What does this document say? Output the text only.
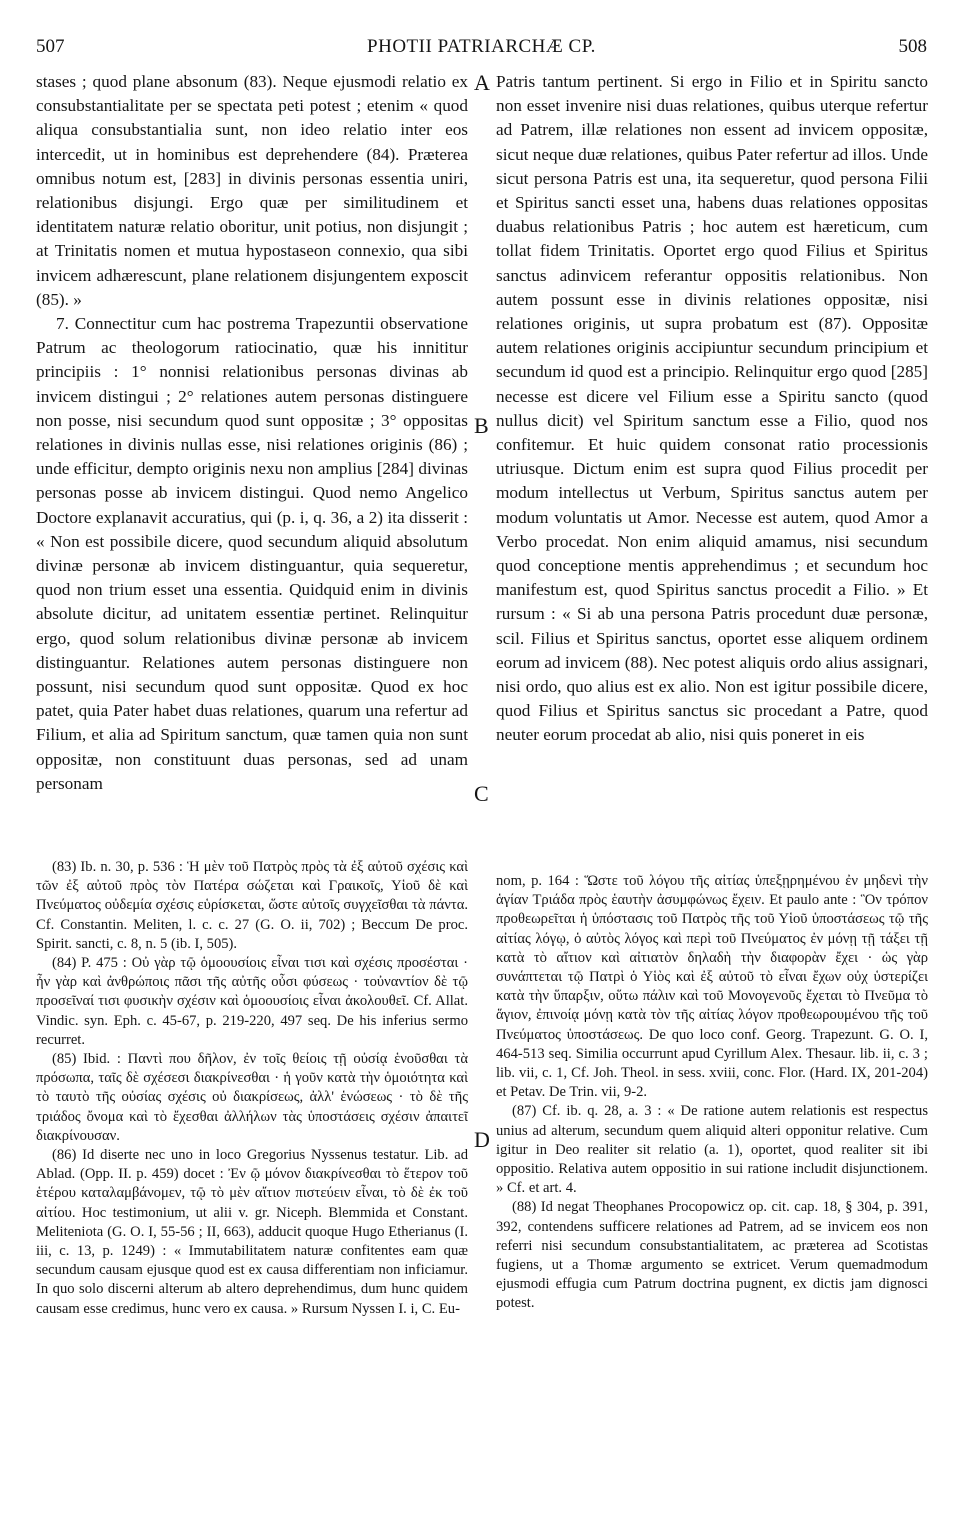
507	PHOTII PATRIARCHÆ CP.	508

stases ; quod plane absonum (83). Neque ejusmodi relatio ex consubstantialitate per se spectata peti potest ; etenim « quod aliqua consubstantialia sunt, non ideo relatio inter eos intercedit, ut in hominibus est deprehendere (84). Præterea omnibus notum est, [283] in divinis personas essentia uniri, relationibus disjungi. Ergo quæ per similitudinem et identitatem naturæ relatio oboritur, unit potius, non disjungit ; at Trinitatis nomen et mutua hypostaseon connexio, qua sibi invicem adhærescunt, plane relationem disjungentem exposcit (85). »

7. Connectitur cum hac postrema Trapezuntii observatione Patrum ac theologorum ratiocinatio, quæ his innititur principiis : 1° nonnisi relationibus personas divinas ab invicem distingui ; 2° relationes autem personas distinguere non posse, nisi secundum quod sunt oppositæ ; 3° oppositas relationes in divinis nullas esse, nisi relationes originis (86) ; unde efficitur, dempto originis nexu non amplius [284] divinas personas posse ab invicem distingui. Quod nemo Angelico Doctore explanavit accuratius, qui (p. i, q. 36, a 2) ita disserit : « Non est possibile dicere, quod secundum aliquid absolutum divinæ personæ ab invicem distinguantur, quia sequeretur, quod non trium esset una essentia. Quidquid enim in divinis absolute dicitur, ad unitatem essentiæ pertinet. Relinquitur ergo, quod solum relationibus divinæ personæ ab invicem distinguantur. Relationes autem personas distinguere non possunt, nisi secundum quod sunt oppositæ. Quod ex hoc patet, quia Pater habet duas relationes, quarum una refertur ad Filium, et alia ad Spiritum sanctum, quæ tamen quia non sunt oppositæ, non constituunt duas personas, sed ad unam personam

Patris tantum pertinent. Si ergo in Filio et in Spiritu sancto non esset invenire nisi duas relationes, quibus uterque refertur ad Patrem, illæ relationes non essent ad invicem oppositæ, sicut neque duæ relationes, quibus Pater refertur ad illos. Unde sicut persona Patris est una, ita sequeretur, quod persona Filii et Spiritus sancti esset una, habens duas relationes oppositas duabus relationibus Patris ; hoc autem est hæreticum, cum tollat fidem Trinitatis. Oportet ergo quod Filius et Spiritus sanctus adinvicem referantur oppositis relationibus. Non autem possunt esse in divinis relationes oppositæ, nisi relationes originis, ut supra probatum est (87). Oppositæ autem relationes originis accipiuntur secundum principium et secundum id quod est a principio. Relinquitur ergo quod [285] necesse est dicere vel Filium esse a Spiritu sancto (quod nullus dicit) vel Spiritum sanctum esse a Filio, quod nos confitemur. Et huic quidem consonat ratio processionis utriusque. Dictum enim est supra quod Filius procedit per modum intellectus ut Verbum, Spiritus sanctus autem per modum voluntatis ut Amor. Necesse est autem, quod Amor a Verbo procedat. Non enim aliquid amamus, nisi secundum quod conceptione mentis apprehendimus ; et secundum hoc manifestum est, quod Spiritus sanctus procedit a Filio. » Et rursum : « Si ab una persona Patris procedunt duæ personæ, scil. Filius et Spiritus sanctus, oportet esse aliquem ordinem eorum ad invicem (88). Nec potest aliquis ordo alius assignari, nisi ordo, quo alius est ex alio. Non est igitur possibile dicere, quod Filius et Spiritus sanctus sic procedant a Patre, quod neuter eorum procedat ab alio, nisi quis poneret in eis

A
B
C
D

(83) Ib. n. 30, p. 536 : Ἡ μὲν τοῦ Πατρὸς πρὸς τὰ ἐξ αὐτοῦ σχέσις καὶ τῶν ἐξ αὐτοῦ πρὸς τὸν Πατέρα σώζεται καὶ Γραικοῖς, Υἱοῦ δὲ καὶ Πνεύματος οὐδεμία σχέσις εὑρίσκεται, ὥστε αὐτοῖς συγχεῖσθαι τὰ πάντα. Cf. Constantin. Meliten, l. c. c. 27 (G. O. ii, 702) ; Beccum De proc. Spirit. sancti, c. 8, n. 5 (ib. I, 505).

(84) P. 475 : Οὐ γὰρ τῷ ὁμοουσίοις εἶναι τισι καὶ σχέσις προσέσται · ἦν γὰρ καὶ ἀνθρώποις πᾶσι τῆς αὐτῆς οὖσι φύσεως · τοὐναντίον δὲ τῷ προσεῖναί τισι φυσικὴν σχέσιν καὶ ὁμοουσίοις εἶναι ἀκολουθεῖ. Cf. Allat. Vindic. syn. Eph. c. 45-67, p. 219-220, 497 seq. De his inferius sermo recurret.

(85) Ibid. : Παντὶ που δῆλον, ἐν τοῖς θείοις τῇ οὐσίᾳ ἑνοῦσθαι τὰ πρόσωπα, ταῖς δὲ σχέσεσι διακρίνεσθαι · ἡ γοῦν κατὰ τὴν ὁμοιότητα καὶ τὸ ταυτὸ τῆς οὐσίας σχέσις οὐ διακρίσεως, ἀλλ' ἑνώσεως · τὸ δὲ τῆς τριάδος ὄνομα καὶ τὸ ἔχεσθαι ἀλλήλων τὰς ὑποστάσεις σχέσιν ἀπαιτεῖ διακρίνουσαν.

(86) Id diserte nec uno in loco Gregorius Nyssenus testatur. Lib. ad Ablad. (Opp. II. p. 459) docet : Ἐν ῷ μόνον διακρίνεσθαι τὸ ἕτερον τοῦ ἑτέρου καταλαμβάνομεν, τῷ τὸ μὲν αἴτιον πιστεύειν εἶναι, τὸ δὲ ἐκ τοῦ αἰτίου. Hoc testimonium, ut alii v. gr. Niceph. Blemmida et Constant. Meliteniota (G. O. I, 55-56 ; II, 663), adducit quoque Hugo Etherianus (I. iii, c. 13, p. 1249) : « Immutabilitatem naturæ confitentes eam quæ secundum causam ejusque quod est ex causa differentiam non inficiamur. In quo solo discerni alterum ab altero deprehendimus, dum hunc quidem causam esse credimus, hunc vero ex causa. » Rursum Nyssen I. i, C. Eu-

nom, p. 164 : Ὥστε τοῦ λόγου τῆς αἰτίας ὑπεξῃρημένου ἐν μηδενὶ τὴν ἁγίαν Τριάδα πρὸς ἑαυτὴν ἀσυμφώνως ἔχειν. Et paulo ante : Ὃν τρόπον προθεωρεῖται ἡ ὑπόστασις τοῦ Πατρὸς τῆς τοῦ Υἱοῦ ὑποστάσεως τῷ τῆς αἰτίας λόγῳ, ὁ αὐτὸς λόγος καὶ περὶ τοῦ Πνεύματος ἐν μόνῃ τῇ τάξει τῇ κατὰ τὸ αἴτιον καὶ αἰτιατὸν δηλαδὴ τὴν διαφορὰν ἔχει · ὡς γὰρ συνάπτεται τῷ Πατρὶ ὁ Υἱὸς καὶ ἐξ αὐτοῦ τὸ εἶναι ἔχων οὐχ ὑστερίζει κατὰ τὴν ὕπαρξιν, οὕτω πάλιν καὶ τοῦ Μονογενοῦς ἔχεται τὸ Πνεῦμα τὸ ἅγιον, ἐπινοίᾳ μόνῃ κατὰ τὸν τῆς αἰτίας λόγον προθεωρουμένου τῆς τοῦ Πνεύματος ὑποστάσεως. De quo loco conf. Georg. Trapezunt. G. O. I, 464-513 seq. Similia occurrunt apud Cyrillum Alex. Thesaur. lib. ii, c. 3 ; lib. vii, c. 1, Cf. Joh. Theol. in sess. xviii, conc. Flor. (Hard. IX, 201-204) et Petav. De Trin. vii, 9-2.

(87) Cf. ib. q. 28, a. 3 : « De ratione autem relationis est respectus unius ad alterum, secundum quem aliquid alteri opponitur relative. Cum igitur in Deo realiter sit relatio (a. 1), oportet, quod realiter sit ibi oppositio. Relativa autem oppositio in sui ratione includit disjunctionem. » Cf. et art. 4.

(88) Id negat Theophanes Procopowicz op. cit. cap. 18, § 304, p. 391, 392, contendens sufficere relationes ad Patrem, ad se invicem eos non referri nisi secundum consubstantialitatem, ac præterea ad Scotistas fugiens, ut a Thomæ argumento se extricet. Verum quemadmodum ejusmodi effugia cum Patrum doctrina pugnent, ex dictis jam dignosci potest.
